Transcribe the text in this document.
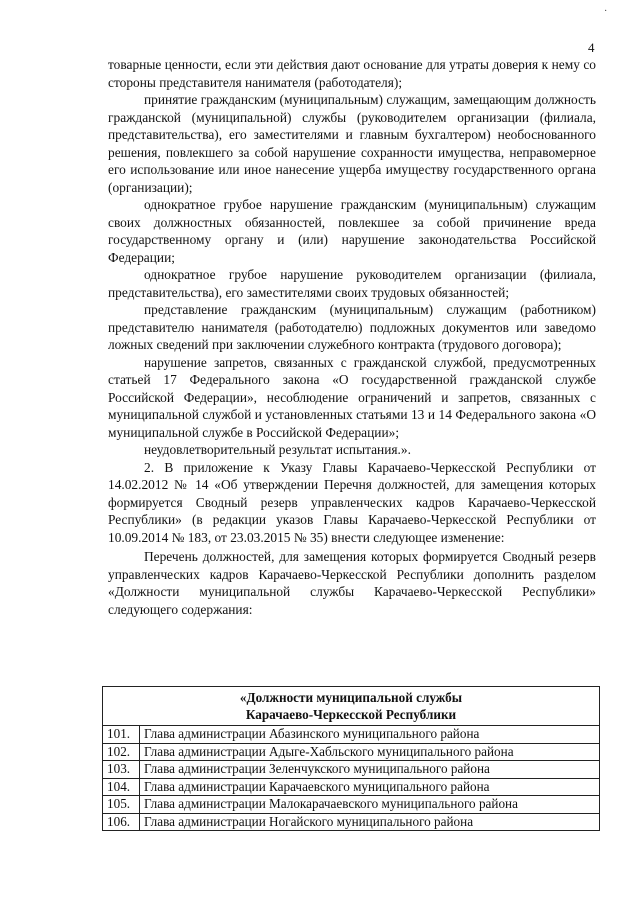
·
4

товарные ценности, если эти действия дают основание для утраты доверия к нему со стороны представителя нанимателя (работодателя);

принятие гражданским (муниципальным) служащим, замещающим должность гражданской (муниципальной) службы (руководителем организации (филиала, представительства), его заместителями и главным бухгалтером) необоснованного решения, повлекшего за собой нарушение сохранности имущества, неправомерное его использование или иное нанесение ущерба имуществу государственного органа (организации);

однократное грубое нарушение гражданским (муниципальным) служащим своих должностных обязанностей, повлекшее за собой причинение вреда государственному органу и (или) нарушение законодательства Российской Федерации;

однократное грубое нарушение руководителем организации (филиала, представительства), его заместителями своих трудовых обязанностей;

представление гражданским (муниципальным) служащим (работником) представителю нанимателя (работодателю) подложных документов или заведомо ложных сведений при заключении служебного контракта (трудового договора);

нарушение запретов, связанных с гражданской службой, предусмотренных статьей 17 Федерального закона «О государственной гражданской службе Российской Федерации», несоблюдение ограничений и запретов, связанных с муниципальной службой и установленных статьями 13 и 14 Федерального закона «О муниципальной службе в Российской Федерации»;

неудовлетворительный результат испытания.».

2. В приложение к Указу Главы Карачаево-Черкесской Республики от 14.02.2012 № 14 «Об утверждении Перечня должностей, для замещения которых формируется Сводный резерв управленческих кадров Карачаево-Черкесской Республики» (в редакции указов Главы Карачаево-Черкесской Республики от 10.09.2014 № 183, от 23.03.2015 № 35) внести следующее изменение:

Перечень должностей, для замещения которых формируется Сводный резерв управленческих кадров Карачаево-Черкесской Республики дополнить разделом «Должности муниципальной службы Карачаево-Черкесской Республики» следующего содержания:

«Должности муниципальной службы
Карачаево-Черкесской Республики	

101.	Глава администрации Абазинского муниципального района
102.	Глава администрации Адыге-Хабльского муниципального района
103.	Глава администрации Зеленчукского муниципального района
104.	Глава администрации Карачаевского муниципального района
105.	Глава администрации Малокарачаевского муниципального района
106.	Глава администрации Ногайского муниципального района
